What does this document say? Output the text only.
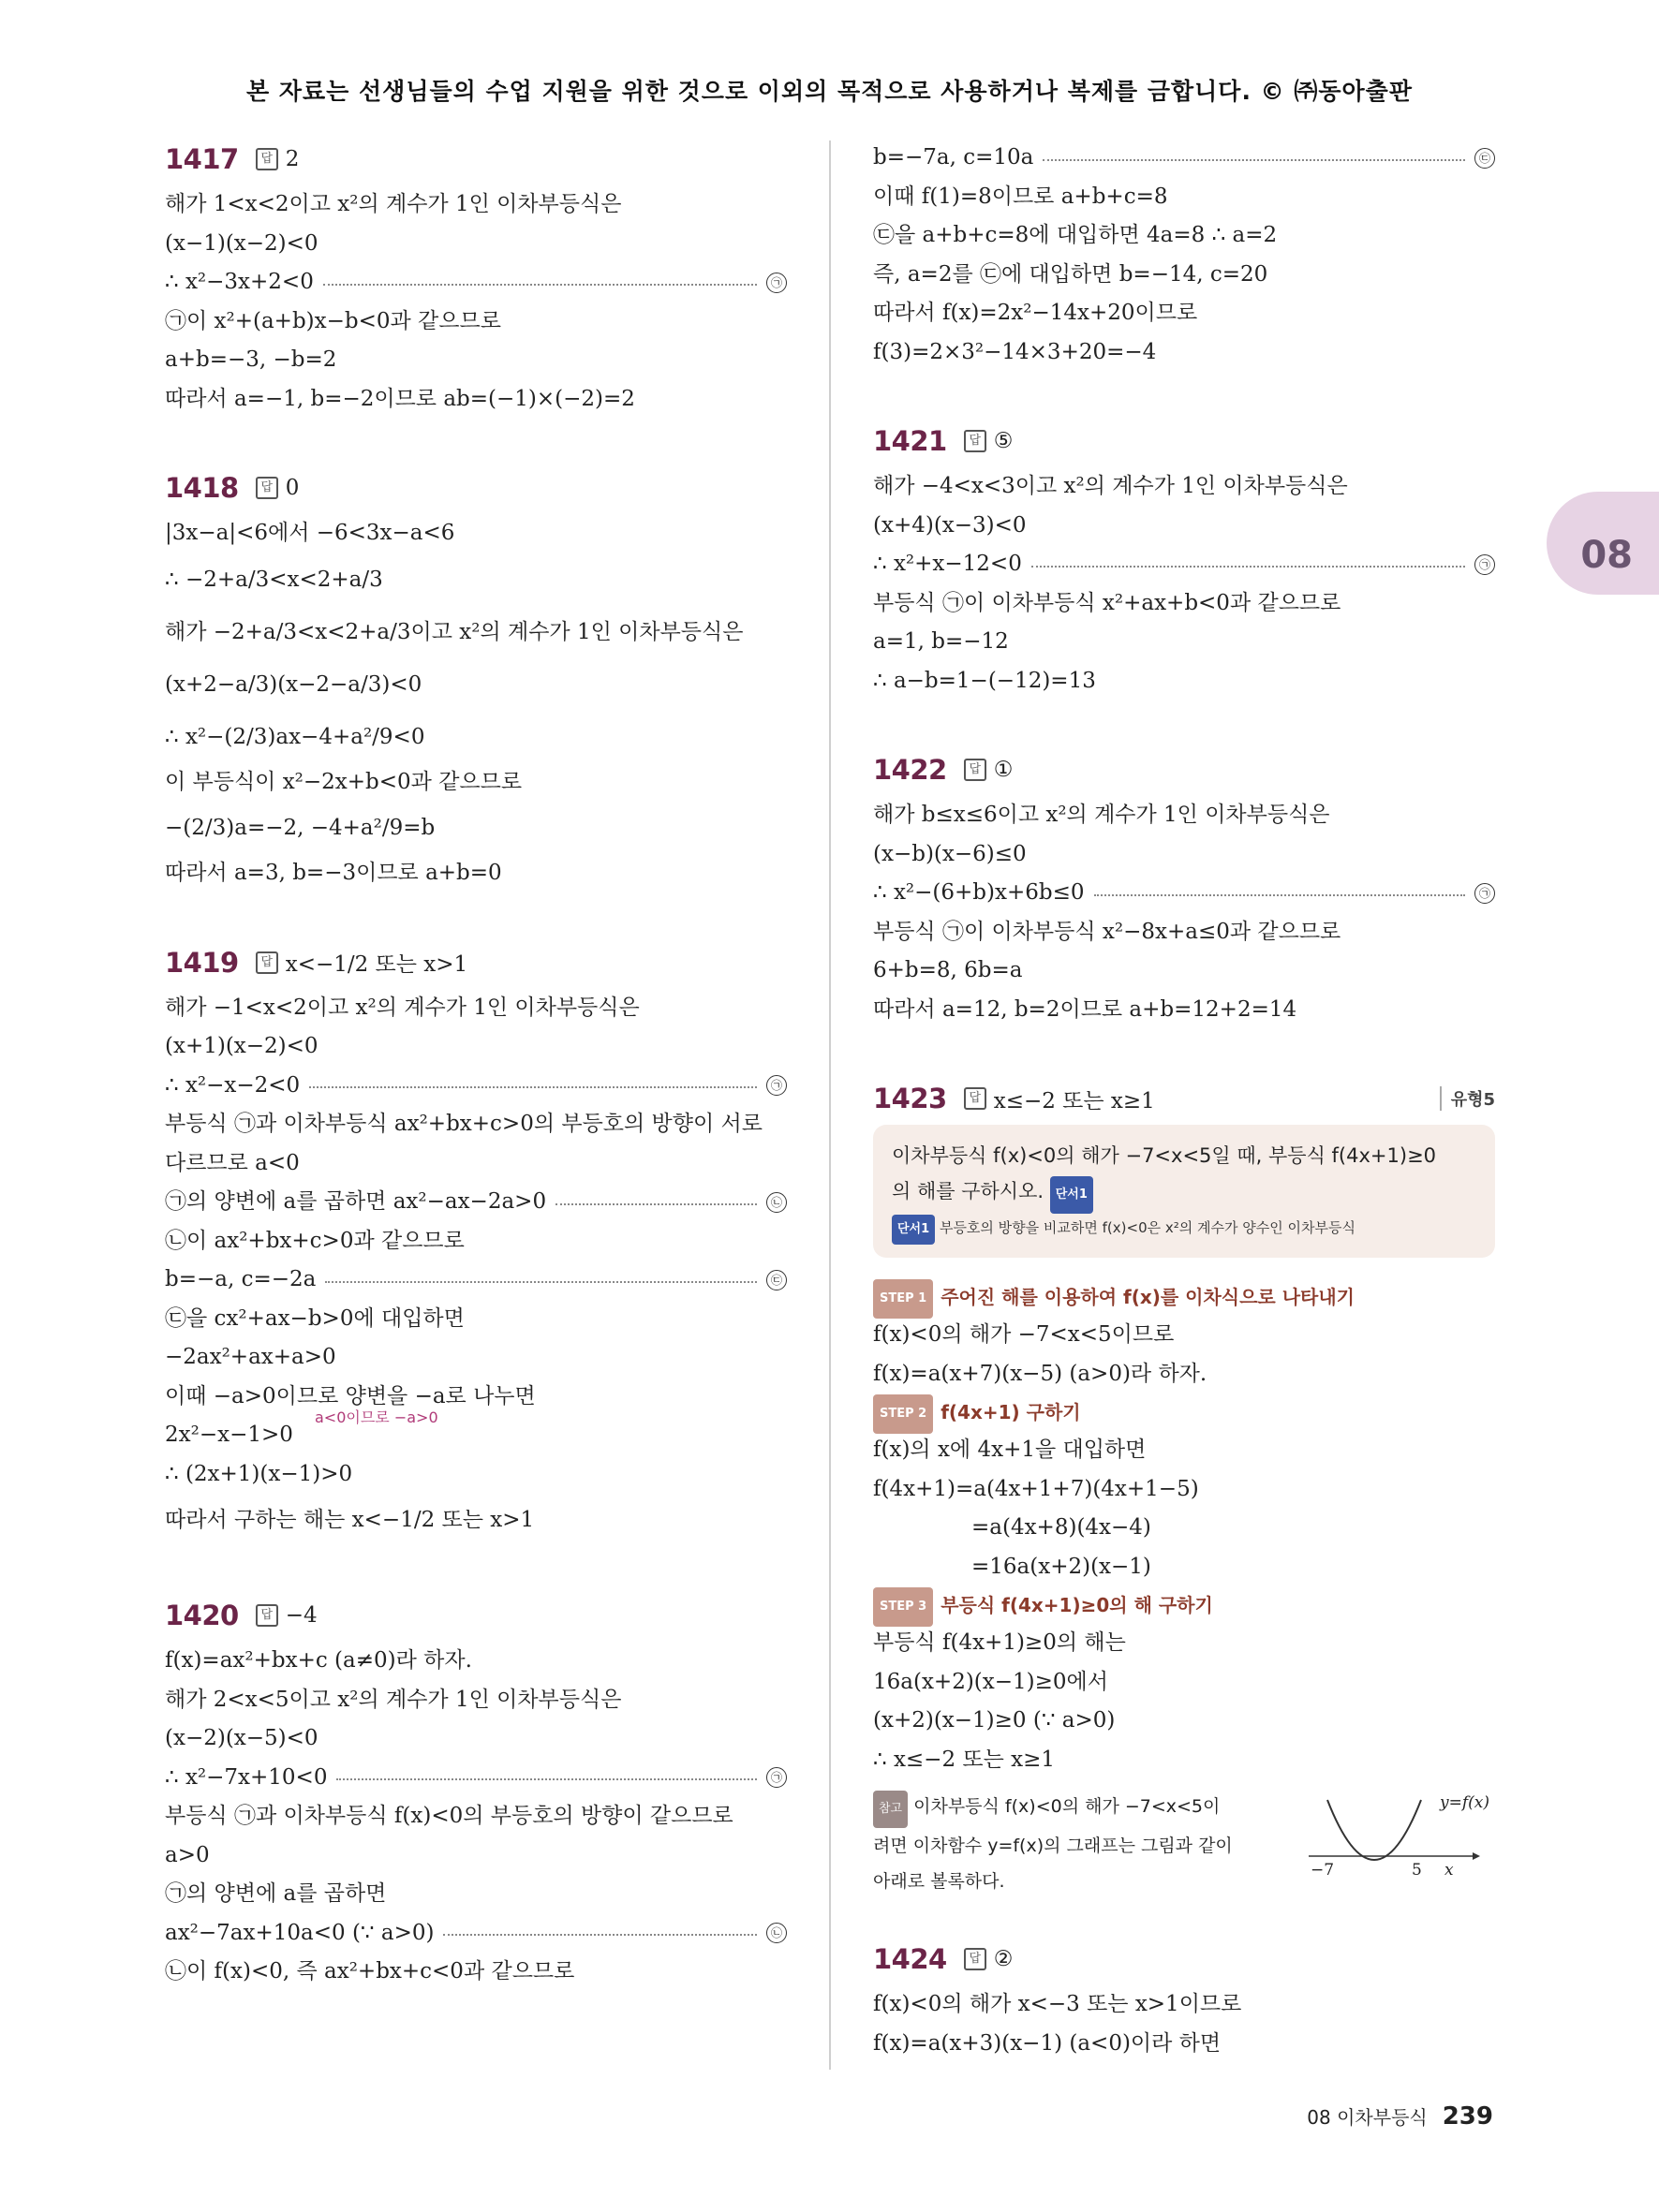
본 자료는 선생님들의 수업 지원을 위한 것으로 이외의 목적으로 사용하거나 복제를 금합니다. © ㈜동아출판
08
1417	답 2
해가 1<x<2이고 x²의 계수가 1인 이차부등식은
(x−1)(x−2)<0
∴ x²−3x+2<0	㉠
㉠이 x²+(a+b)x−b<0과 같으므로
a+b=−3, −b=2
따라서 a=−1, b=−2이므로 ab=(−1)×(−2)=2
1418	답 0
|3x−a|<6에서 −6<3x−a<6
∴ −2+a/3<x<2+a/3
해가 −2+a/3<x<2+a/3이고 x²의 계수가 1인 이차부등식은
(x+2−a/3)(x−2−a/3)<0
∴ x²−(2/3)ax−4+a²/9<0
이 부등식이 x²−2x+b<0과 같으므로
−(2/3)a=−2, −4+a²/9=b
따라서 a=3, b=−3이므로 a+b=0
1419	답 x<−1/2 또는 x>1
해가 −1<x<2이고 x²의 계수가 1인 이차부등식은
(x+1)(x−2)<0
∴ x²−x−2<0	㉠
부등식 ㉠과 이차부등식 ax²+bx+c>0의 부등호의 방향이 서로
다르므로 a<0
㉠의 양변에 a를 곱하면 ax²−ax−2a>0	㉡
㉡이 ax²+bx+c>0과 같으므로
b=−a, c=−2a	㉢
㉢을 cx²+ax−b>0에 대입하면
−2ax²+ax+a>0
이때 −a>0이므로 양변을 −a로 나누면
a<0이므로 −a>0
2x²−x−1>0
∴ (2x+1)(x−1)>0
따라서 구하는 해는 x<−1/2 또는 x>1
1420	답 −4
f(x)=ax²+bx+c (a≠0)라 하자.
해가 2<x<5이고 x²의 계수가 1인 이차부등식은
(x−2)(x−5)<0
∴ x²−7x+10<0	㉠
부등식 ㉠과 이차부등식 f(x)<0의 부등호의 방향이 같으므로
a>0
㉠의 양변에 a를 곱하면
ax²−7ax+10a<0 (∵ a>0)	㉡
㉡이 f(x)<0, 즉 ax²+bx+c<0과 같으므로
b=−7a, c=10a	㉢
이때 f(1)=8이므로 a+b+c=8
㉢을 a+b+c=8에 대입하면 4a=8 ∴ a=2
즉, a=2를 ㉢에 대입하면 b=−14, c=20
따라서 f(x)=2x²−14x+20이므로
f(3)=2×3²−14×3+20=−4
1421	답 ⑤
해가 −4<x<3이고 x²의 계수가 1인 이차부등식은
(x+4)(x−3)<0
∴ x²+x−12<0	㉠
부등식 ㉠이 이차부등식 x²+ax+b<0과 같으므로
a=1, b=−12
∴ a−b=1−(−12)=13
1422	답 ①
해가 b≤x≤6이고 x²의 계수가 1인 이차부등식은
(x−b)(x−6)≤0
∴ x²−(6+b)x+6b≤0	㉠
부등식 ㉠이 이차부등식 x²−8x+a≤0과 같으므로
6+b=8, 6b=a
따라서 a=12, b=2이므로 a+b=12+2=14
1423	답 x≤−2 또는 x≥1	유형5
이차부등식 f(x)<0의 해가 −7<x<5일 때, 부등식 f(4x+1)≥0
의 해를 구하시오. 단서1
단서1 부등호의 방향을 비교하면 f(x)<0은 x²의 계수가 양수인 이차부등식
STEP 1 주어진 해를 이용하여 f(x)를 이차식으로 나타내기
f(x)<0의 해가 −7<x<5이므로
f(x)=a(x+7)(x−5) (a>0)라 하자.
STEP 2 f(4x+1) 구하기
f(x)의 x에 4x+1을 대입하면
f(4x+1)=a(4x+1+7)(4x+1−5)
=a(4x+8)(4x−4)
=16a(x+2)(x−1)
STEP 3 부등식 f(4x+1)≥0의 해 구하기
부등식 f(4x+1)≥0의 해는
16a(x+2)(x−1)≥0에서
(x+2)(x−1)≥0 (∵ a>0)
∴ x≤−2 또는 x≥1
참고 이차부등식 f(x)<0의 해가 −7<x<5이
려면 이차함수 y=f(x)의 그래프는 그림과 같이
아래로 볼록하다.
y=f(x)
−7	5 x
1424	답 ②
f(x)<0의 해가 x<−3 또는 x>1이므로
f(x)=a(x+3)(x−1) (a<0)이라 하면
08 이차부등식 239
